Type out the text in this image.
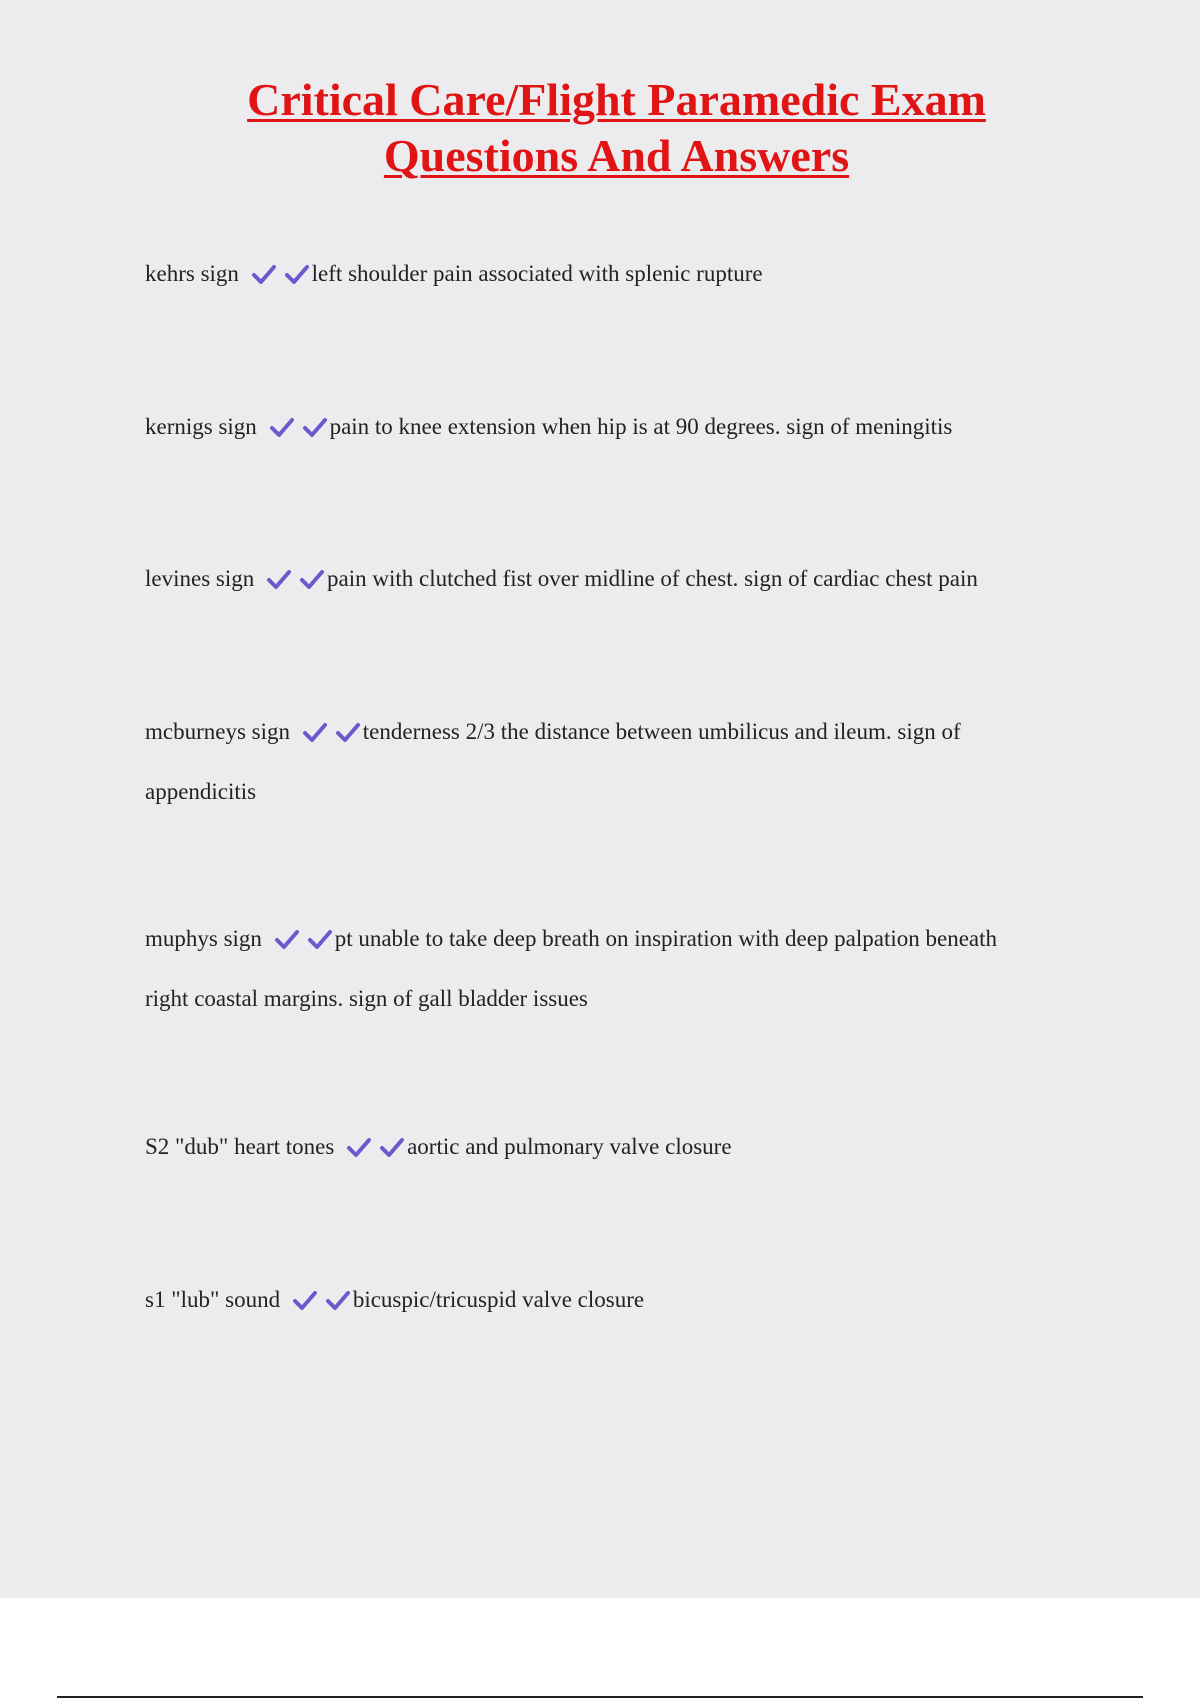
Critical Care/Flight Paramedic Exam
Questions And Answers
kehrs sign	left shoulder pain associated with splenic rupture
kernigs sign	pain to knee extension when hip is at 90 degrees. sign of meningitis
levines sign	pain with clutched fist over midline of chest. sign of cardiac chest pain
mcburneys sign	tenderness 2/3 the distance between umbilicus and ileum. sign of appendicitis
muphys sign	pt unable to take deep breath on inspiration with deep palpation beneath right coastal margins. sign of gall bladder issues
S2 "dub" heart tones	aortic and pulmonary valve closure
s1 "lub" sound	bicuspic/tricuspid valve closure
